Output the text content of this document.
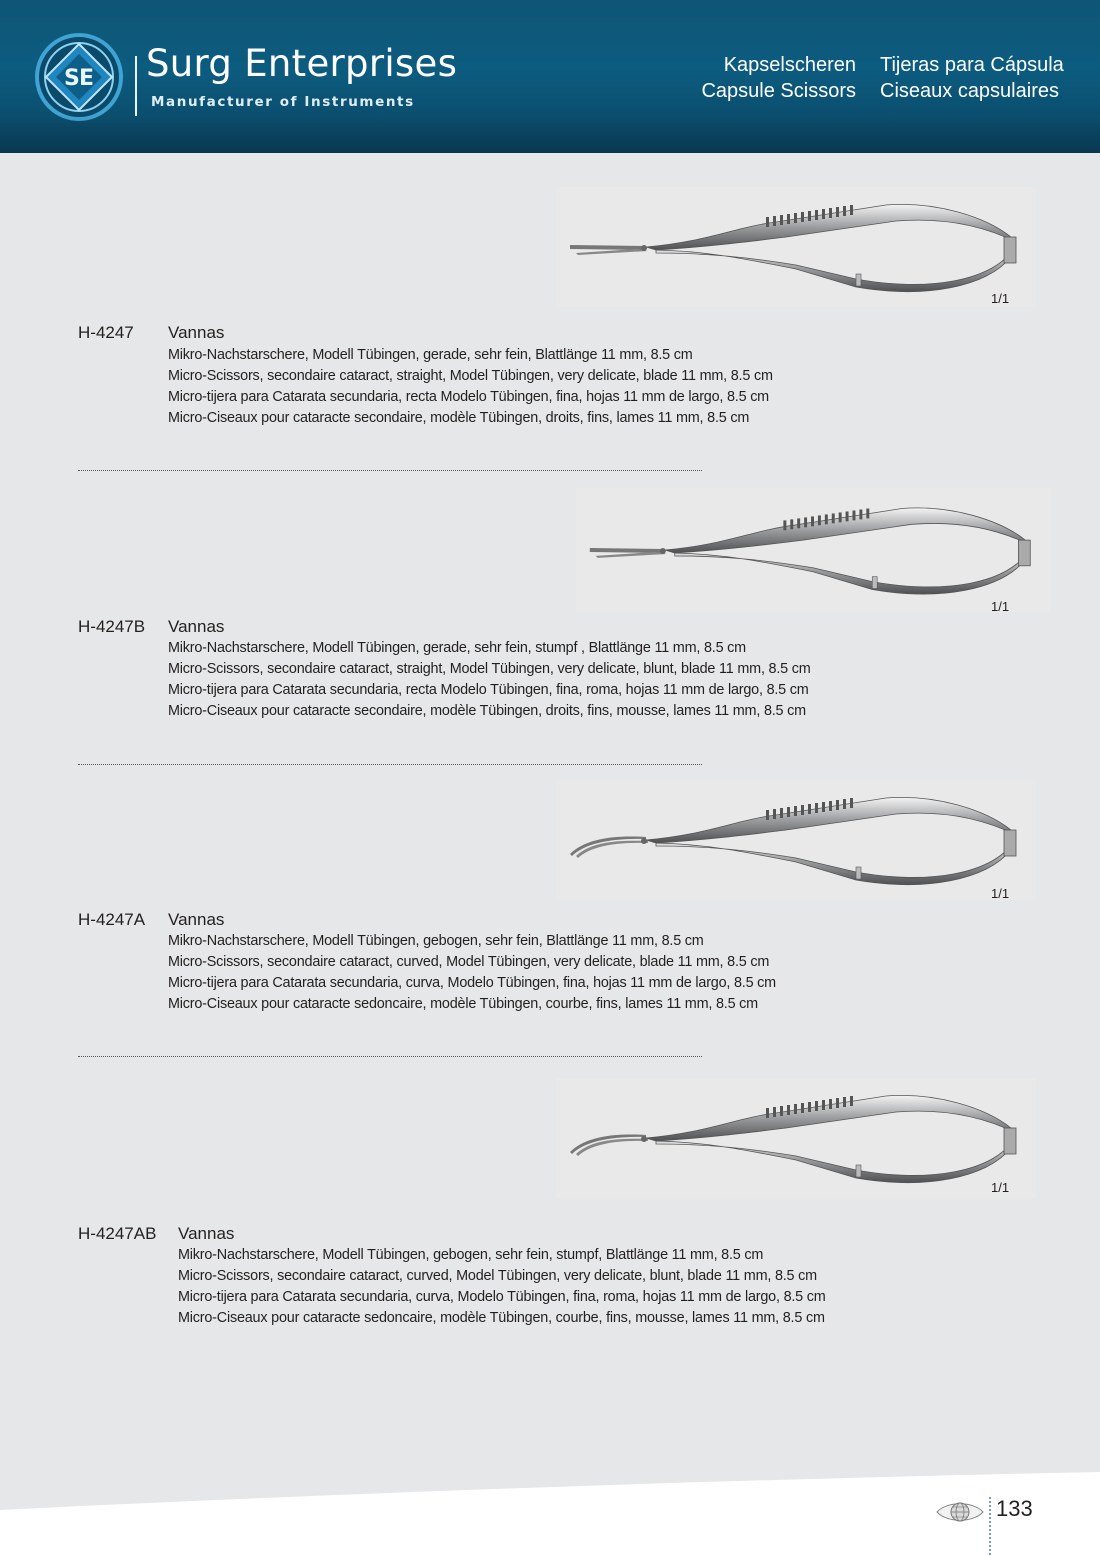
S E Surg Enterprises
Manufacturer of Instruments
Kapselscheren
Capsule Scissors
Tijeras para Cápsula
Ciseaux capsulaires
1/1
H-4247 Vannas
Mikro-Nachstarschere, Modell Tübingen, gerade, sehr fein, Blattlänge 11 mm, 8.5 cm
Micro-Scissors, secondaire cataract, straight, Model Tübingen, very delicate, blade 11 mm, 8.5 cm
Micro-tijera para Catarata secundaria, recta Modelo Tübingen, fina, hojas 11 mm de largo, 8.5 cm
Micro-Ciseaux pour cataracte secondaire, modèle Tübingen, droits, fins, lames 11 mm, 8.5 cm
1/1
H-4247B Vannas
Mikro-Nachstarschere, Modell Tübingen, gerade, sehr fein, stumpf , Blattlänge 11 mm, 8.5 cm
Micro-Scissors, secondaire cataract, straight, Model Tübingen, very delicate, blunt, blade 11 mm, 8.5 cm
Micro-tijera para Catarata secundaria, recta Modelo Tübingen, fina, roma, hojas 11 mm de largo, 8.5 cm
Micro-Ciseaux pour cataracte secondaire, modèle Tübingen, droits, fins, mousse, lames 11 mm, 8.5 cm
1/1
H-4247A Vannas
Mikro-Nachstarschere, Modell Tübingen, gebogen, sehr fein, Blattlänge 11 mm, 8.5 cm
Micro-Scissors, secondaire cataract, curved, Model Tübingen, very delicate, blade 11 mm, 8.5 cm
Micro-tijera para Catarata secundaria, curva, Modelo Tübingen, fina, hojas 11 mm de largo, 8.5 cm
Micro-Ciseaux pour cataracte sedoncaire, modèle Tübingen, courbe, fins, lames 11 mm, 8.5 cm
1/1
H-4247AB Vannas
Mikro-Nachstarschere, Modell Tübingen, gebogen, sehr fein, stumpf, Blattlänge 11 mm, 8.5 cm
Micro-Scissors, secondaire cataract, curved, Model Tübingen, very delicate, blunt, blade 11 mm, 8.5 cm
Micro-tijera para Catarata secundaria, curva, Modelo Tübingen, fina, roma, hojas 11 mm de largo, 8.5 cm
Micro-Ciseaux pour cataracte sedoncaire, modèle Tübingen, courbe, fins, mousse, lames 11 mm, 8.5 cm
133
